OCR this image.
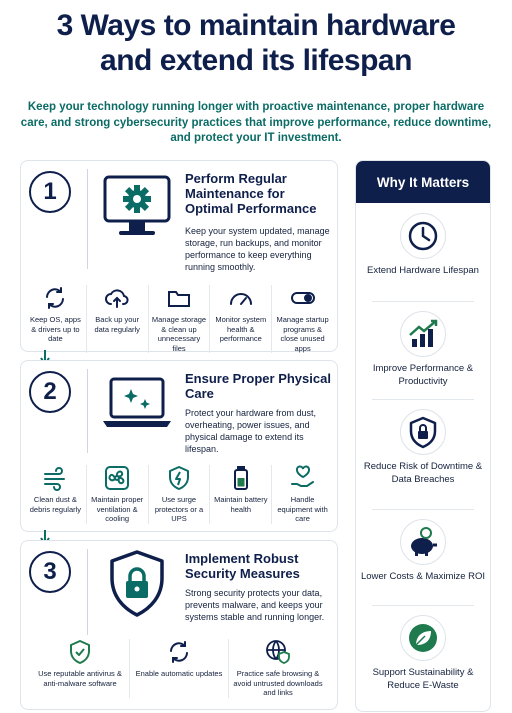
3 Ways to maintain hardware
and extend its lifespan
Keep your technology running longer with proactive maintenance, proper hardware care, and strong cybersecurity practices that improve performance, reduce downtime, and protect your IT investment.
1	Perform Regular Maintenance for Optimal Performance
Keep your system updated, manage storage, run backups, and monitor performance to keep everything running smoothly.
Keep OS, apps & drivers up to date
Back up your data regularly
Manage storage & clean up unnecessary files
Monitor system health & performance
Manage startup programs & close unused apps
2	Ensure Proper Physical Care
Protect your hardware from dust, overheating, power issues, and physical damage to extend its lifespan.
Clean dust & debris regularly
Maintain proper ventilation & cooling
Use surge protectors or a UPS
Maintain battery health
Handle equipment with care
3	Implement Robust Security Measures
Strong security protects your data, prevents malware, and keeps your systems stable and running longer.
Use reputable antivirus & anti-malware software
Enable automatic updates	Practice safe browsing & avoid untrusted downloads and links
Why It Matters
Extend Hardware Lifespan
Improve Performance & Productivity
Reduce Risk of Downtime & Data Breaches
Lower Costs & Maximize ROI
Support Sustainability & Reduce E-Waste
